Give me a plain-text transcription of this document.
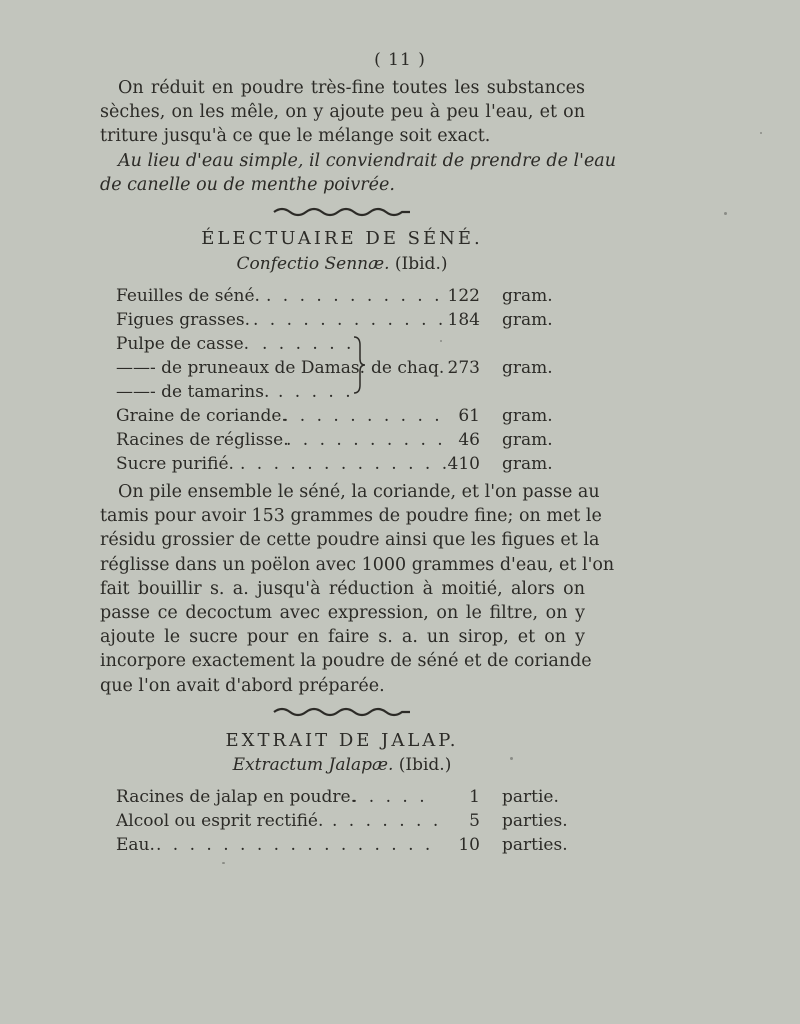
( 11 )
On réduit en poudre très-fine toutes les substances
sèches, on les mêle, on y ajoute peu à peu l'eau, et on
triture jusqu'à ce que le mélange soit exact.
Au lieu d'eau simple, il conviendrait de prendre de l'eau
de canelle ou de menthe poivrée.
ÉLECTUAIRE DE SÉNÉ.
Confectio Sennæ. (Ibid.)
Feuilles de séné. . . . . . . . . . . . 122 gram.
Figues grasses. . . . . . . . . . . . . 184 gram.
Pulpe de casse. . . . . . .
——- de pruneaux de Damas.
——- de tamarins. . . . . .
de chaq. 273 gram.
Graine de coriande.
. . . . . . . . . . 61 gram.
Racines de réglisse.
. . . . . . . . . . 46 gram.
Sucre purifié. . . . . . . . . . . . . .
410 gram.
On pile ensemble le séné, la coriande, et l'on passe au
tamis pour avoir 153 grammes de poudre fine; on met le
résidu grossier de cette poudre ainsi que les figues et la
réglisse dans un poëlon avec 1000 grammes d'eau, et l'on
fait bouillir s. a. jusqu'à réduction à moitié, alors on
passe ce decoctum avec expression, on le filtre, on y
ajoute le sucre pour en faire s. a. un sirop, et on y
incorpore exactement la poudre de séné et de coriande
que l'on avait d'abord préparée.
EXTRAIT DE JALAP.
Extractum Jalapæ. (Ibid.)
Racines de jalap en poudre.
. . . . . 1 partie.
Alcool ou esprit rectifié. . . . . . . . 5 parties.
Eau. . . . . . . . . . . . . . . . . . 10 parties.
